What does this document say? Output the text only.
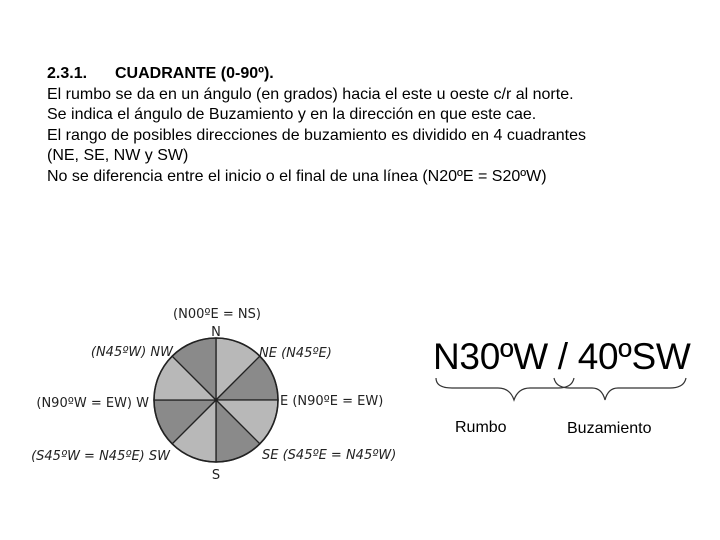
2.3.1. CUADRANTE (0-90º).

El rumbo se da en un ángulo (en grados) hacia el este u oeste c/r al norte.

Se indica el ángulo de Buzamiento y en la dirección en que este cae.

El rango de posibles direcciones de buzamiento es dividido en 4 cuadrantes

(NE, SE, NW y SW)

No se diferencia entre el inicio o el final de una línea (N20ºE = S20ºW)

(N00ºE = NS)
N
(N45ºW) NW	NE (N45ºE)
(N90ºW = EW) W	E (N90ºE = EW)
(S45ºW = N45ºE) SW	SE (S45ºE = N45ºW)
S
N30ºW / 40ºSW
Rumbo	Buzamiento
